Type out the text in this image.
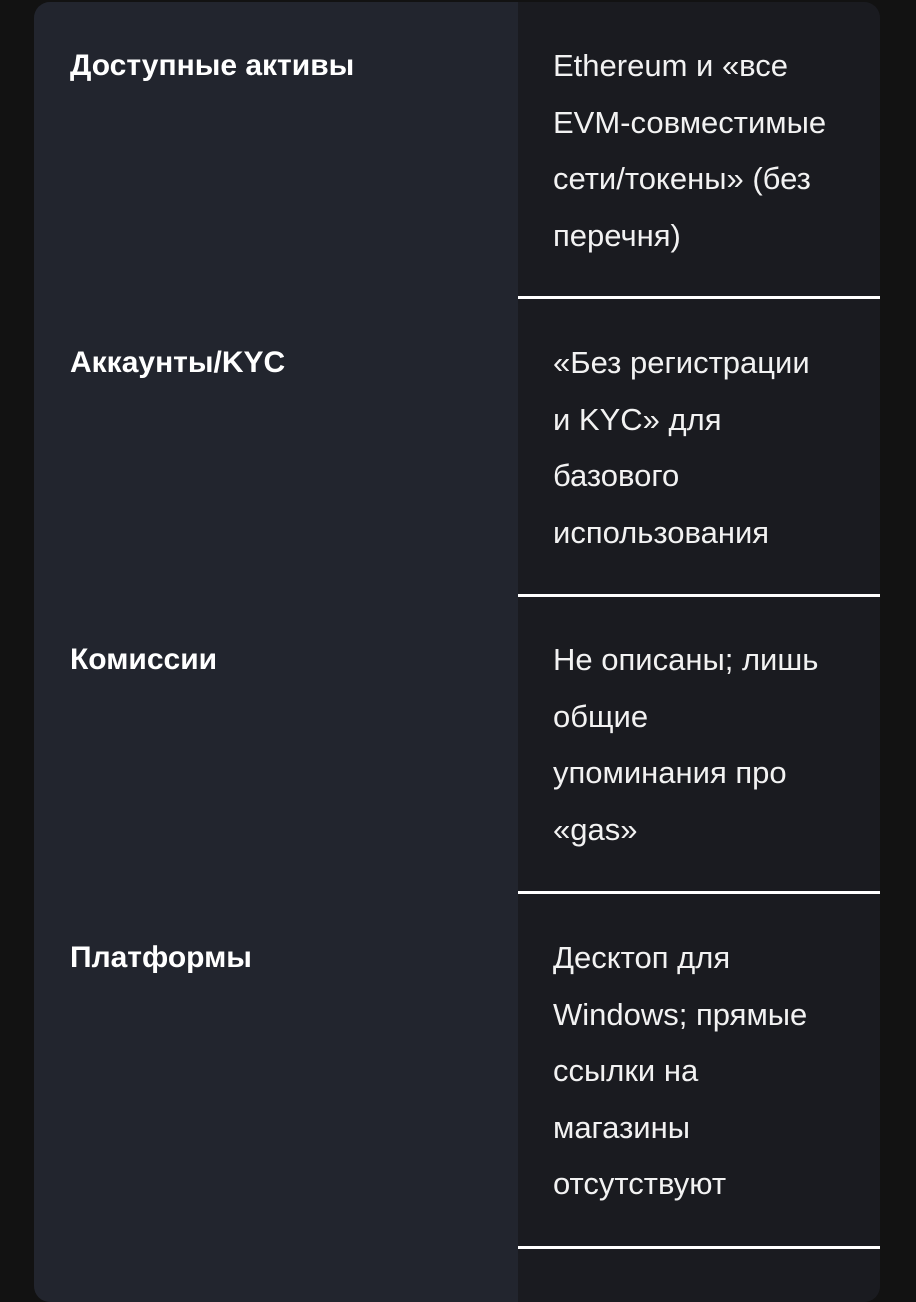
Доступные активы	Ethereum и «все
EVM-совместимые
сети/токены» (без
перечня)
Аккаунты/KYC	«Без регистрации
и KYC» для
базового
использования
Комиссии	Не описаны; лишь
общие
упоминания про
«gas»
Платформы	Десктоп для
Windows; прямые
ссылки на
магазины
отсутствуют
